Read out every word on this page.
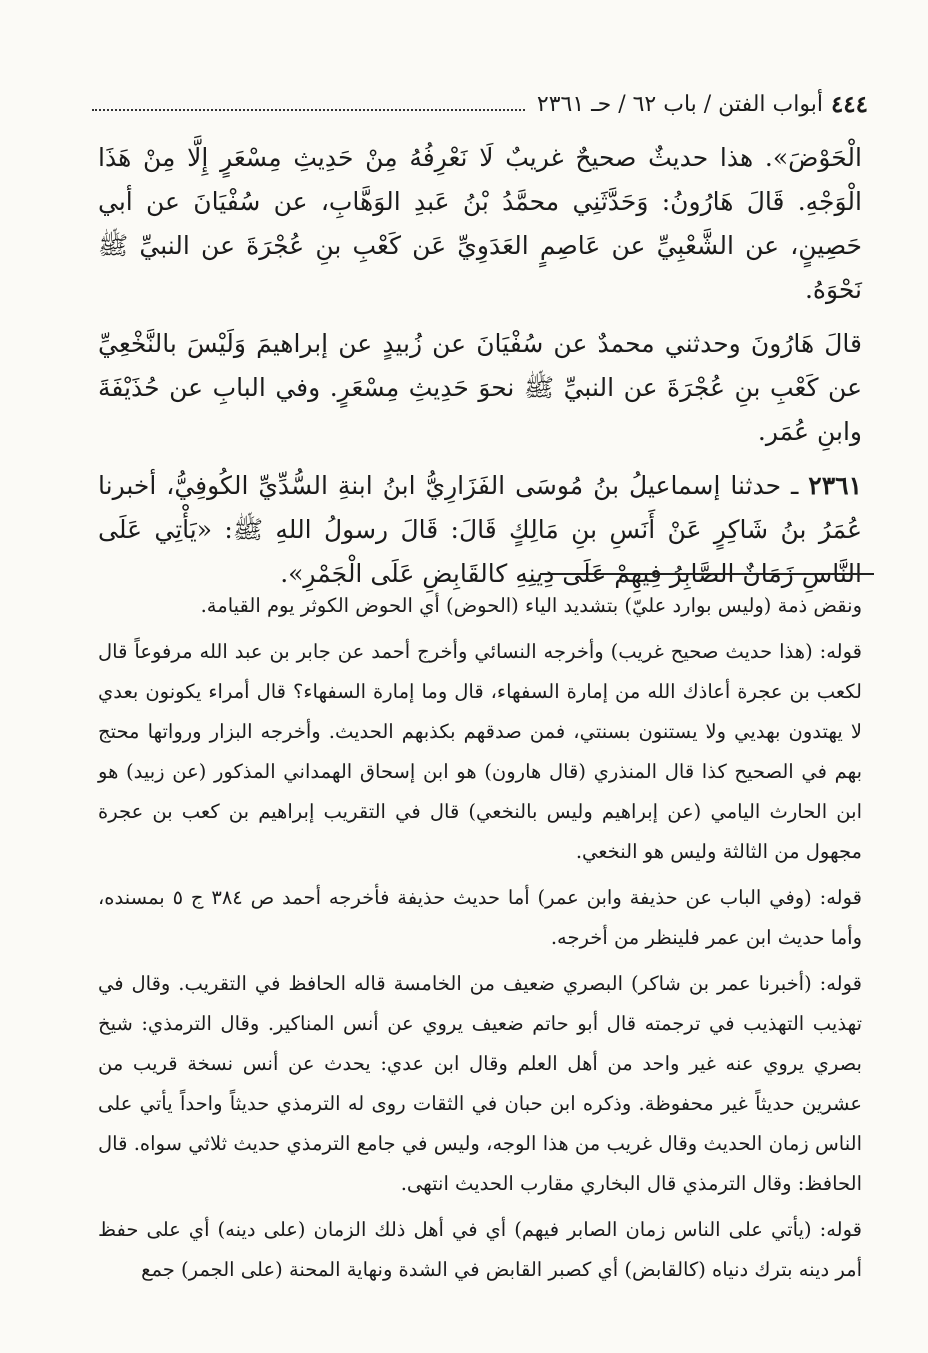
٤٤٤
أبواب الفتن / باب ٦٢ / حـ ٢٣٦١

الْحَوْضَ». هذا حديثٌ صحيحٌ غريبٌ لَا نَعْرِفُهُ مِنْ حَدِيثِ مِسْعَرٍ إِلَّا مِنْ هَذَا الْوَجْهِ. قَالَ هَارُونُ: وَحَدَّثَنِي محمَّدُ بْنُ عَبدِ الوَهَّابِ، عن سُفْيَانَ عن أبي حَصِينٍ، عن الشَّعْبِيِّ عن عَاصِمٍ العَدَوِيِّ عَن كَعْبِ بنِ عُجْرَةَ عن النبيِّ ﷺ نَحْوَهُ.

قالَ هَارُونَ وحدثني محمدٌ عن سُفْيَانَ عن زُبيدٍ عن إبراهيمَ وَلَيْسَ بالنَّخْعِيِّ عن كَعْبِ بنِ عُجْرَةَ عن النبيِّ ﷺ نحوَ حَدِيثِ مِسْعَرٍ. وفي البابِ عن حُذَيْفَةَ وابنِ عُمَر.

٢٣٦١ ـ حدثنا إسماعيلُ بنُ مُوسَى الفَزَارِيُّ ابنُ ابنةِ السُّدِّيِّ الكُوفِيُّ، أخبرنا عُمَرُ بنُ شَاكِرٍ عَنْ أَنَسِ بنِ مَالِكٍ قَالَ: قَالَ رسولُ اللهِ ﷺ: «يَأْتِي عَلَى النَّاسِ زَمَانٌ الصَّابِرُ فِيهِمْ عَلَى دِينِهِ كالقَابِضِ عَلَى الْجَمْرِ».

ونقض ذمة (وليس بوارد عليّ) بتشديد الياء (الحوض) أي الحوض الكوثر يوم القيامة.

قوله: (هذا حديث صحيح غريب) وأخرجه النسائي وأخرج أحمد عن جابر بن عبد الله مرفوعاً قال لكعب بن عجرة أعاذك الله من إمارة السفهاء، قال وما إمارة السفهاء؟ قال أمراء يكونون بعدي لا يهتدون بهديي ولا يستنون بسنتي، فمن صدقهم بكذبهم الحديث. وأخرجه البزار ورواتها محتج بهم في الصحيح كذا قال المنذري (قال هارون) هو ابن إسحاق الهمداني المذكور (عن زبيد) هو ابن الحارث اليامي (عن إبراهيم وليس بالنخعي) قال في التقريب إبراهيم بن كعب بن عجرة مجهول من الثالثة وليس هو النخعي.

قوله: (وفي الباب عن حذيفة وابن عمر) أما حديث حذيفة فأخرجه أحمد ص ٣٨٤ ج ٥ بمسنده، وأما حديث ابن عمر فلينظر من أخرجه.

قوله: (أخبرنا عمر بن شاكر) البصري ضعيف من الخامسة قاله الحافظ في التقريب. وقال في تهذيب التهذيب في ترجمته قال أبو حاتم ضعيف يروي عن أنس المناكير. وقال الترمذي: شيخ بصري يروي عنه غير واحد من أهل العلم وقال ابن عدي: يحدث عن أنس نسخة قريب من عشرين حديثاً غير محفوظة. وذكره ابن حبان في الثقات روى له الترمذي حديثاً واحداً يأتي على الناس زمان الحديث وقال غريب من هذا الوجه، وليس في جامع الترمذي حديث ثلاثي سواه. قال الحافظ: وقال الترمذي قال البخاري مقارب الحديث انتهى.

قوله: (يأتي على الناس زمان الصابر فيهم) أي في أهل ذلك الزمان (على دينه) أي على حفظ أمر دينه بترك دنياه (كالقابض) أي كصبر القابض في الشدة ونهاية المحنة (على الجمر) جمع
